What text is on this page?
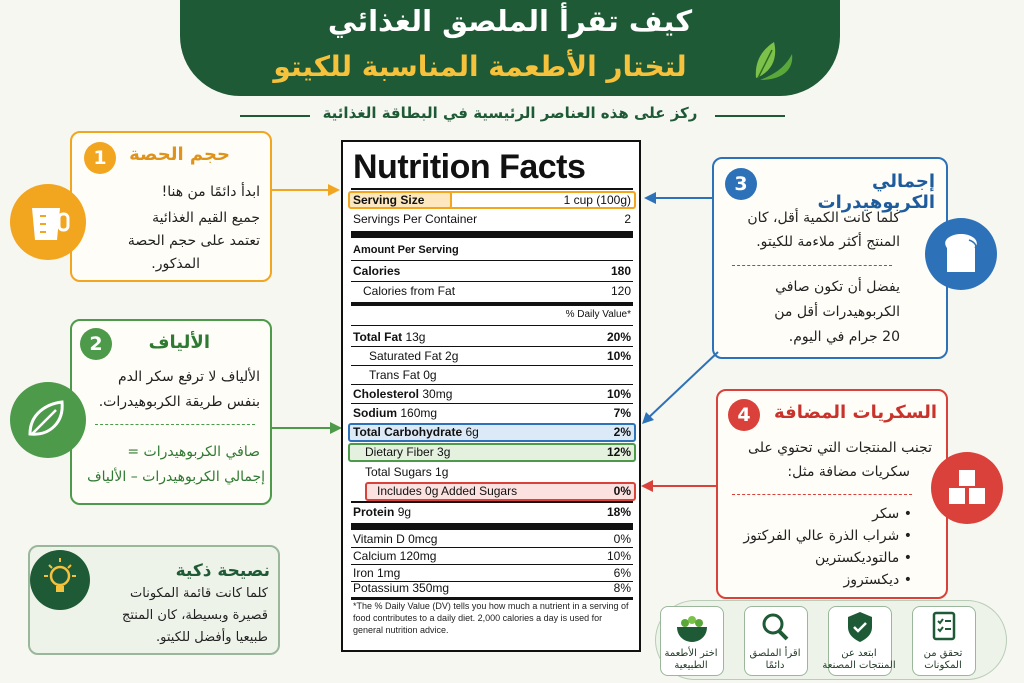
كيف تقرأ الملصق الغذائي
لتختار الأطعمة المناسبة للكيتو
ركز على هذه العناصر الرئيسية في البطاقة الغذائية
1	حجم الحصة
ابدأ دائمًا من هنا!
جميع القيم الغذائية
تعتمد على حجم الحصة
المذكور.
2	الألياف
الألياف لا ترفع سكر الدم
بنفس طريقة الكربوهيدرات.
صافي الكربوهيدرات =
إجمالي الكربوهيدرات – الألياف
نصيحة ذكية
كلما كانت قائمة المكونات
قصيرة وبسيطة، كان المنتج
طبيعيا وأفضل للكيتو.
3	إجمالي الكربوهيدرات
كلما كانت الكمية أقل، كان
المنتج أكثر ملاءمة للكيتو.
يفضل أن تكون صافي
الكربوهيدرات أقل من
20 جرام في اليوم.
4	السكريات المضافة
تجنب المنتجات التي تحتوي على
سكريات مضافة مثل:
• سكر
• شراب الذرة عالي الفركتوز
• مالتوديكسترين
• ديكستروز
Nutrition Facts
Serving Size	1 cup (100g)
Servings Per Container	2
Amount Per Serving
Calories	180
Calories from Fat	120
% Daily Value*
Total Fat 13g	20%
Saturated Fat 2g	10%
Trans Fat 0g
Cholesterol 30mg	10%
Sodium 160mg	7%
Total Carbohydrate 6g	2%
Dietary Fiber 3g	12%
Total Sugars 1g
Includes 0g Added Sugars	0%
Protein 9g	18%
Vitamin D 0mcg	0%
Calcium 120mg	10%
Iron 1mg	6%
Potassium 350mg	8%
*The % Daily Value (DV) tells you how much a nutrient in a serving of food contributes to a daily diet. 2,000 calories a day is used for general nutrition advice.
تحقق من
المكونات
ابتعد عن
المنتجات المصنعة
اقرأ الملصق
دائمًا
اختر الأطعمة
الطبيعية
